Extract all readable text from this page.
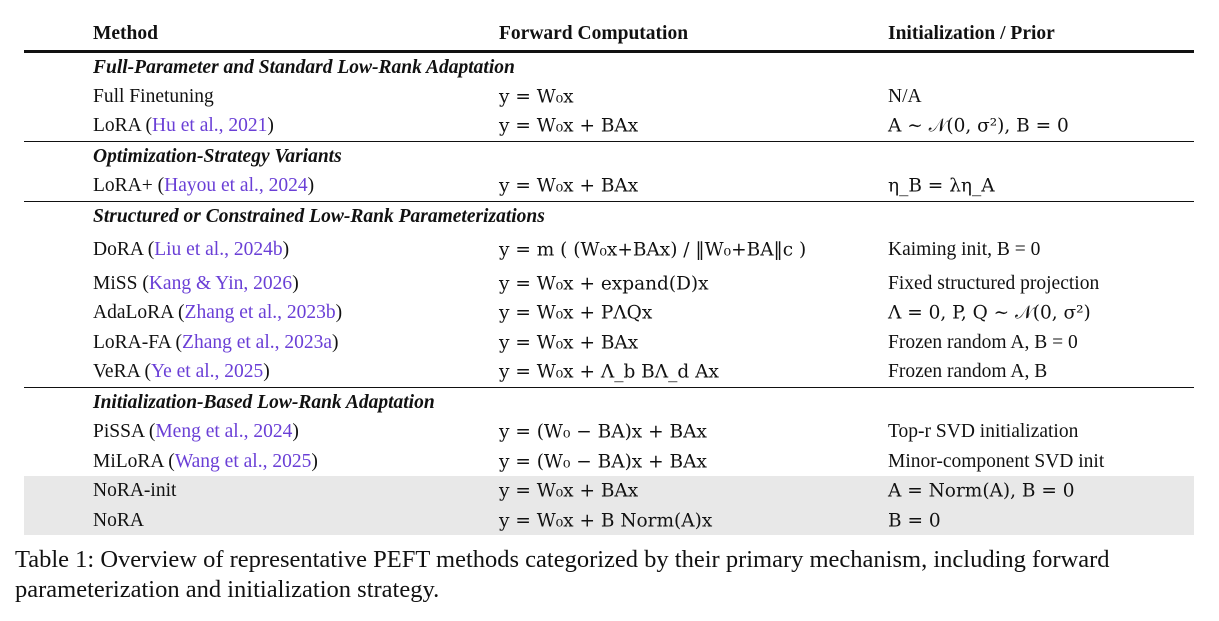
Method	Forward Computation	Initialization / Prior
Full-Parameter and Standard Low-Rank Adaptation
Full Finetuning	y = W₀x	N/A
LoRA (Hu et al., 2021)	y = W₀x + BAx	A ∼ 𝒩(0, σ²), B = 0
Optimization-Strategy Variants
LoRA+ (Hayou et al., 2024)	y = W₀x + BAx	η_B = λη_A
Structured or Constrained Low-Rank Parameterizations
DoRA (Liu et al., 2024b)	y = m ( (W₀x+BAx) / ‖W₀+BA‖c )	Kaiming init, B = 0
MiSS (Kang & Yin, 2026)	y = W₀x + expand(D)x	Fixed structured projection
AdaLoRA (Zhang et al., 2023b)	y = W₀x + PΛQx	Λ = 0, P, Q ∼ 𝒩(0, σ²)
LoRA-FA (Zhang et al., 2023a)	y = W₀x + BAx	Frozen random A, B = 0
VeRA (Ye et al., 2025)	y = W₀x + Λ_b BΛ_d Ax	Frozen random A, B
Initialization-Based Low-Rank Adaptation
PiSSA (Meng et al., 2024)	y = (W₀ − BA)x + BAx	Top-r SVD initialization
MiLoRA (Wang et al., 2025)	y = (W₀ − BA)x + BAx	Minor-component SVD init
NoRA-init	y = W₀x + BAx	A = Norm(A), B = 0
NoRA	y = W₀x + B Norm(A)x	B = 0
Table 1: Overview of representative PEFT methods categorized by their primary mechanism, including forward parameterization and initialization strategy.
